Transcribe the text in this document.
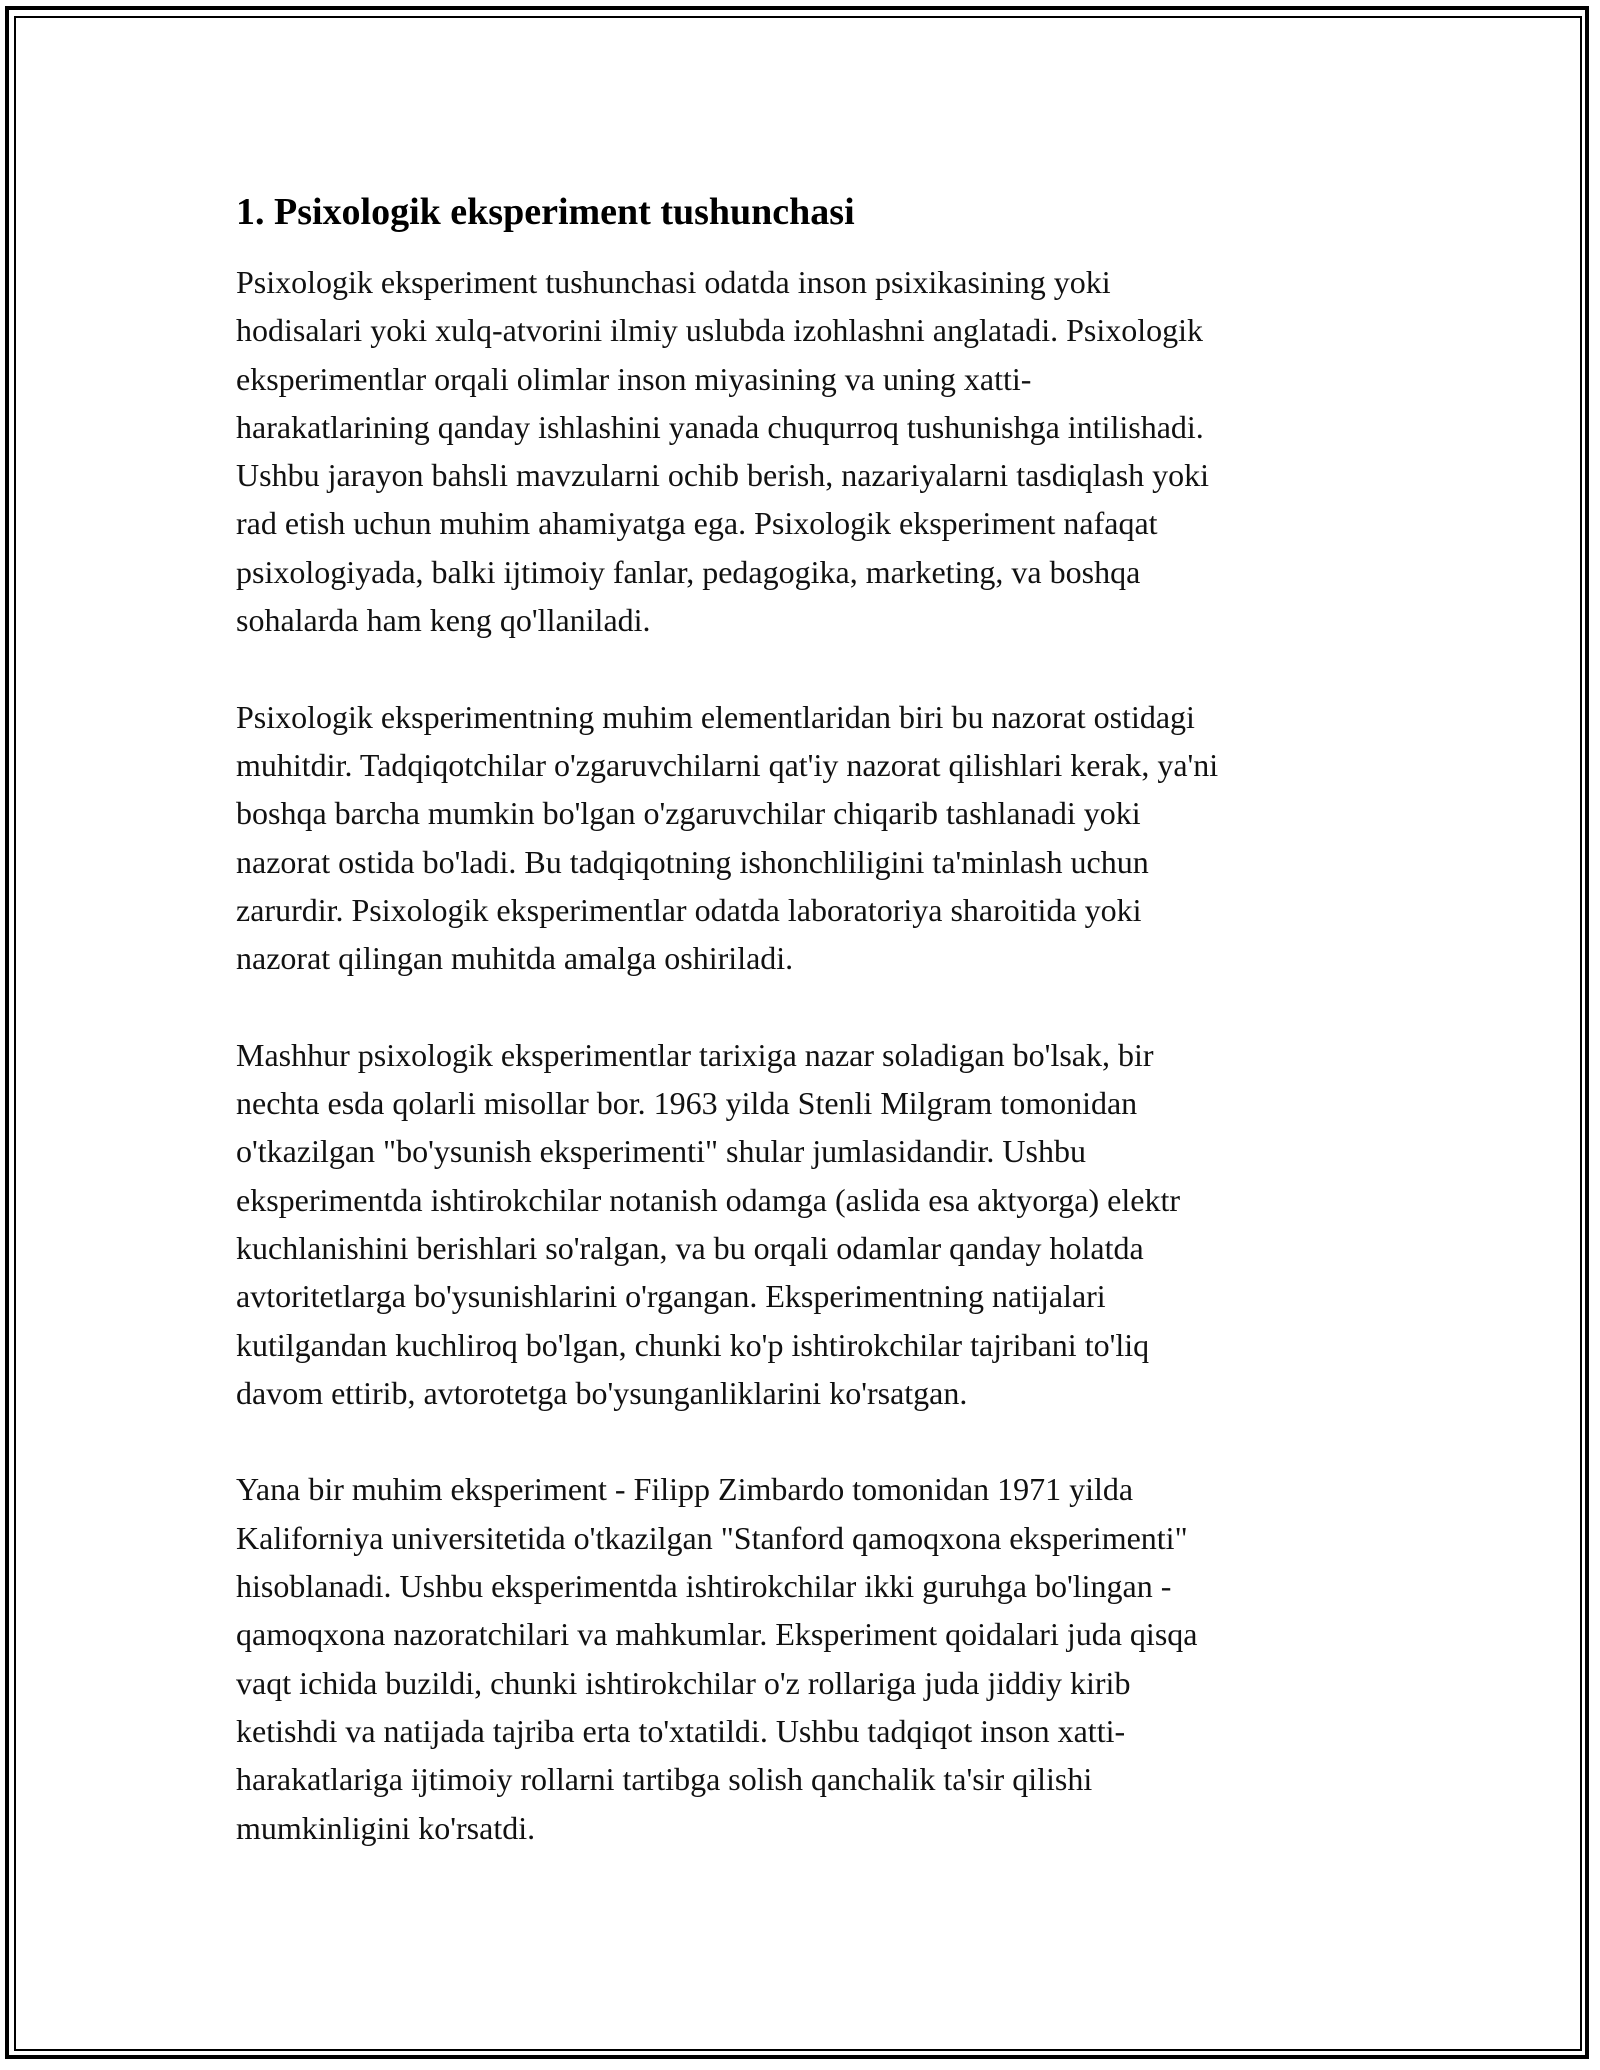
1. Psixologik eksperiment tushunchasi

Psixologik eksperiment tushunchasi odatda inson psixikasining yoki
hodisalari yoki xulq-atvorini ilmiy uslubda izohlashni anglatadi. Psixologik
eksperimentlar orqali olimlar inson miyasining va uning xatti-
harakatlarining qanday ishlashini yanada chuqurroq tushunishga intilishadi.
Ushbu jarayon bahsli mavzularni ochib berish, nazariyalarni tasdiqlash yoki
rad etish uchun muhim ahamiyatga ega. Psixologik eksperiment nafaqat
psixologiyada, balki ijtimoiy fanlar, pedagogika, marketing, va boshqa
sohalarda ham keng qo'llaniladi.

Psixologik eksperimentning muhim elementlaridan biri bu nazorat ostidagi
muhitdir. Tadqiqotchilar o'zgaruvchilarni qat'iy nazorat qilishlari kerak, ya'ni
boshqa barcha mumkin bo'lgan o'zgaruvchilar chiqarib tashlanadi yoki
nazorat ostida bo'ladi. Bu tadqiqotning ishonchliligini ta'minlash uchun
zarurdir. Psixologik eksperimentlar odatda laboratoriya sharoitida yoki
nazorat qilingan muhitda amalga oshiriladi.

Mashhur psixologik eksperimentlar tarixiga nazar soladigan bo'lsak, bir
nechta esda qolarli misollar bor. 1963 yilda Stenli Milgram tomonidan
o'tkazilgan "bo'ysunish eksperimenti" shular jumlasidandir. Ushbu
eksperimentda ishtirokchilar notanish odamga (aslida esa aktyorga) elektr
kuchlanishini berishlari so'ralgan, va bu orqali odamlar qanday holatda
avtoritetlarga bo'ysunishlarini o'rgangan. Eksperimentning natijalari
kutilgandan kuchliroq bo'lgan, chunki ko'p ishtirokchilar tajribani to'liq
davom ettirib, avtorotetga bo'ysunganliklarini ko'rsatgan.

Yana bir muhim eksperiment - Filipp Zimbardo tomonidan 1971 yilda
Kaliforniya universitetida o'tkazilgan "Stanford qamoqxona eksperimenti"
hisoblanadi. Ushbu eksperimentda ishtirokchilar ikki guruhga bo'lingan -
qamoqxona nazoratchilari va mahkumlar. Eksperiment qoidalari juda qisqa
vaqt ichida buzildi, chunki ishtirokchilar o'z rollariga juda jiddiy kirib
ketishdi va natijada tajriba erta to'xtatildi. Ushbu tadqiqot inson xatti-
harakatlariga ijtimoiy rollarni tartibga solish qanchalik ta'sir qilishi
mumkinligini ko'rsatdi.
